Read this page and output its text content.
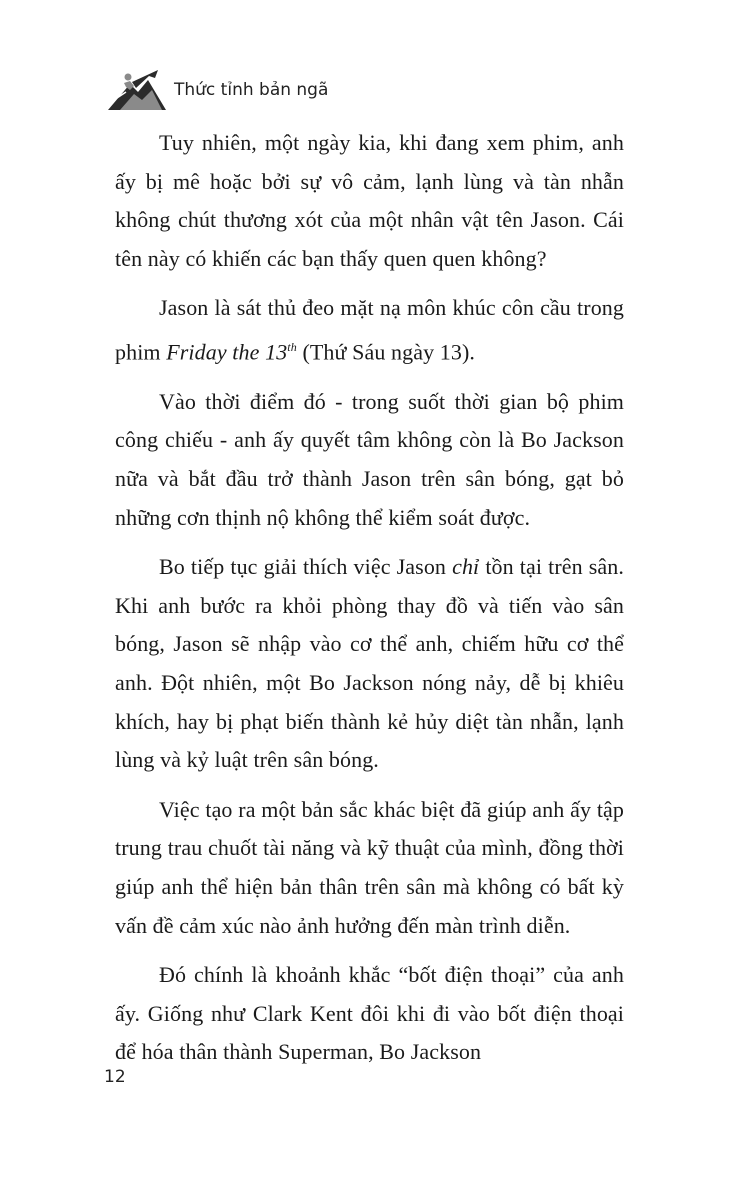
Thức tỉnh bản ngã

Tuy nhiên, một ngày kia, khi đang xem phim, anh ấy bị mê hoặc bởi sự vô cảm, lạnh lùng và tàn nhẫn không chút thương xót của một nhân vật tên Jason. Cái tên này có khiến các bạn thấy quen quen không?

Jason là sát thủ đeo mặt nạ môn khúc côn cầu trong phim Friday the 13th (Thứ Sáu ngày 13).

Vào thời điểm đó - trong suốt thời gian bộ phim công chiếu - anh ấy quyết tâm không còn là Bo Jackson nữa và bắt đầu trở thành Jason trên sân bóng, gạt bỏ những cơn thịnh nộ không thể kiểm soát được.

Bo tiếp tục giải thích việc Jason chỉ tồn tại trên sân. Khi anh bước ra khỏi phòng thay đồ và tiến vào sân bóng, Jason sẽ nhập vào cơ thể anh, chiếm hữu cơ thể anh. Đột nhiên, một Bo Jackson nóng nảy, dễ bị khiêu khích, hay bị phạt biến thành kẻ hủy diệt tàn nhẫn, lạnh lùng và kỷ luật trên sân bóng.

Việc tạo ra một bản sắc khác biệt đã giúp anh ấy tập trung trau chuốt tài năng và kỹ thuật của mình, đồng thời giúp anh thể hiện bản thân trên sân mà không có bất kỳ vấn đề cảm xúc nào ảnh hưởng đến màn trình diễn.

Đó chính là khoảnh khắc “bốt điện thoại” của anh ấy. Giống như Clark Kent đôi khi đi vào bốt điện thoại để hóa thân thành Superman, Bo Jackson

12
